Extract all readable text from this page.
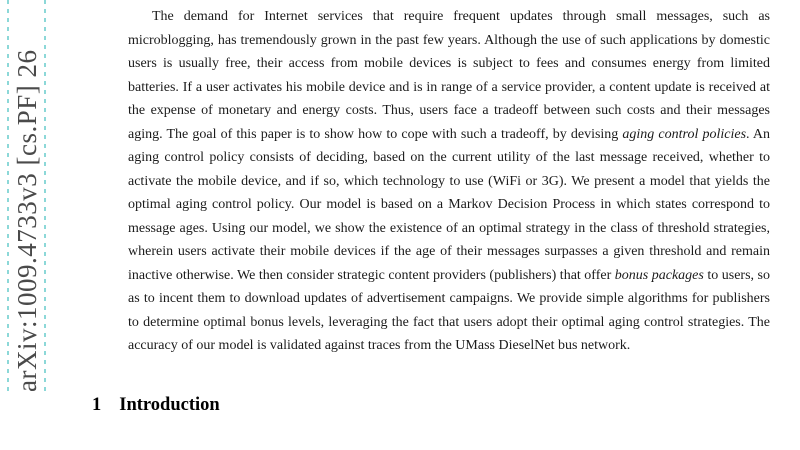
arXiv:1009.4733v3 [cs.PF] 26

The demand for Internet services that require frequent updates through small messages, such as microblogging, has tremendously grown in the past few years. Although the use of such applications by domestic users is usually free, their access from mobile devices is subject to fees and consumes energy from limited batteries. If a user activates his mobile device and is in range of a service provider, a content update is received at the expense of monetary and energy costs. Thus, users face a tradeoff between such costs and their messages aging. The goal of this paper is to show how to cope with such a tradeoff, by devising aging control policies. An aging control policy consists of deciding, based on the current utility of the last message received, whether to activate the mobile device, and if so, which technology to use (WiFi or 3G). We present a model that yields the optimal aging control policy. Our model is based on a Markov Decision Process in which states correspond to message ages. Using our model, we show the existence of an optimal strategy in the class of threshold strategies, wherein users activate their mobile devices if the age of their messages surpasses a given threshold and remain inactive otherwise. We then consider strategic content providers (publishers) that offer bonus packages to users, so as to incent them to download updates of advertisement campaigns. We provide simple algorithms for publishers to determine optimal bonus levels, leveraging the fact that users adopt their optimal aging control strategies. The accuracy of our model is validated against traces from the UMass DieselNet bus network.

1 Introduction
